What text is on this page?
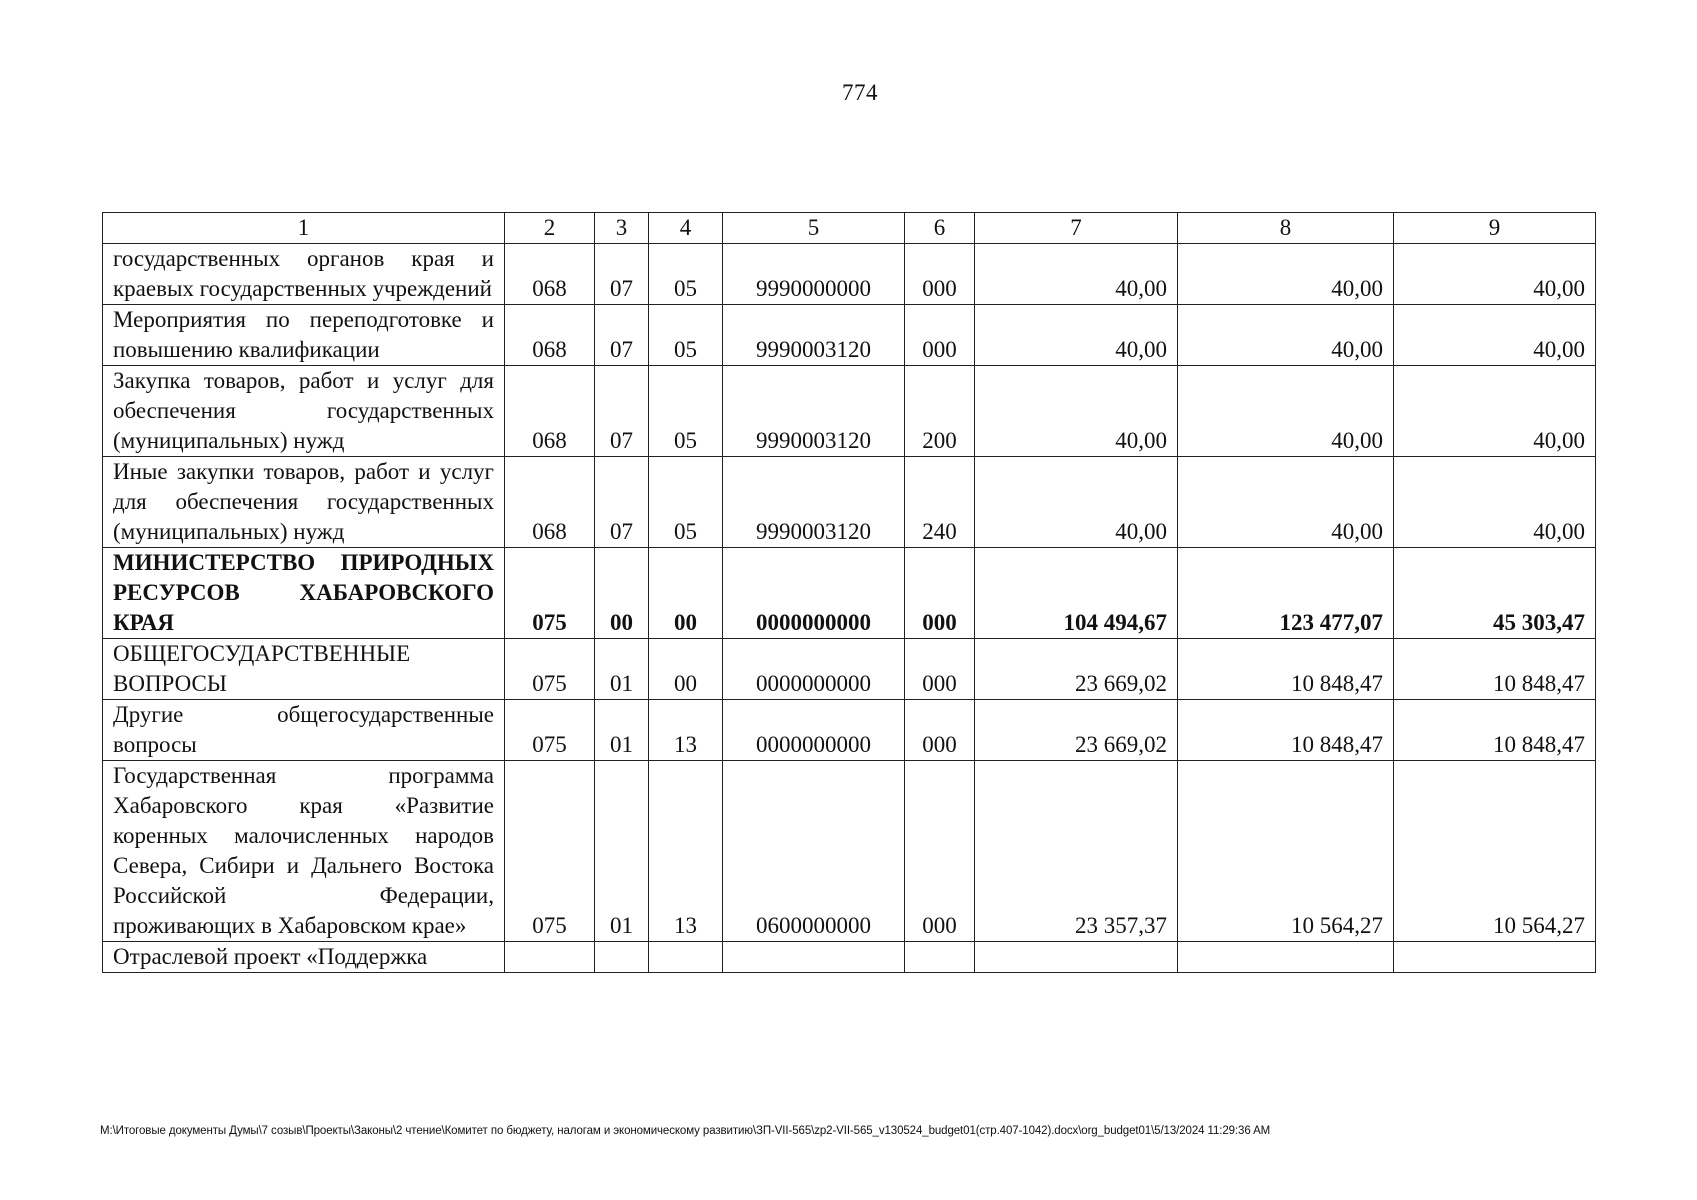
774
1	2	3	4	5	6	7	8	9
государственных органов края и краевых государственных учреждений	068	07	05	9990000000	000	40,00	40,00	40,00
Мероприятия по переподготовке и повышению квалификации	068	07	05	9990003120	000	40,00	40,00	40,00
Закупка товаров, работ и услуг для обеспечения государственных (муниципальных) нужд	068	07	05	9990003120	200	40,00	40,00	40,00
Иные закупки товаров, работ и услуг для обеспечения государственных (муниципальных) нужд	068	07	05	9990003120	240	40,00	40,00	40,00
МИНИСТЕРСТВО ПРИРОДНЫХ РЕСУРСОВ ХАБАРОВСКОГО КРАЯ	075	00	00	0000000000	000	104 494,67	123 477,07	45 303,47
ОБЩЕГОСУДАРСТВЕННЫЕ ВОПРОСЫ	075	01	00	0000000000	000	23 669,02	10 848,47	10 848,47
Другие общегосударственные вопросы	075	01	13	0000000000	000	23 669,02	10 848,47	10 848,47
Государственная программа Хабаровского края «Развитие коренных малочисленных народов Севера, Сибири и Дальнего Востока Российской Федерации, проживающих в Хабаровском крае»	075	01	13	0600000000	000	23 357,37	10 564,27	10 564,27
Отраслевой проект «Поддержка								
M:\Итоговые документы Думы\7 созыв\Проекты\Законы\2 чтение\Комитет по бюджету, налогам и экономическому развитию\ЗП-VII-565\zp2-VII-565_v130524_budget01(стр.407-1042).docx\org_budget01\5/13/2024 11:29:36 AM
